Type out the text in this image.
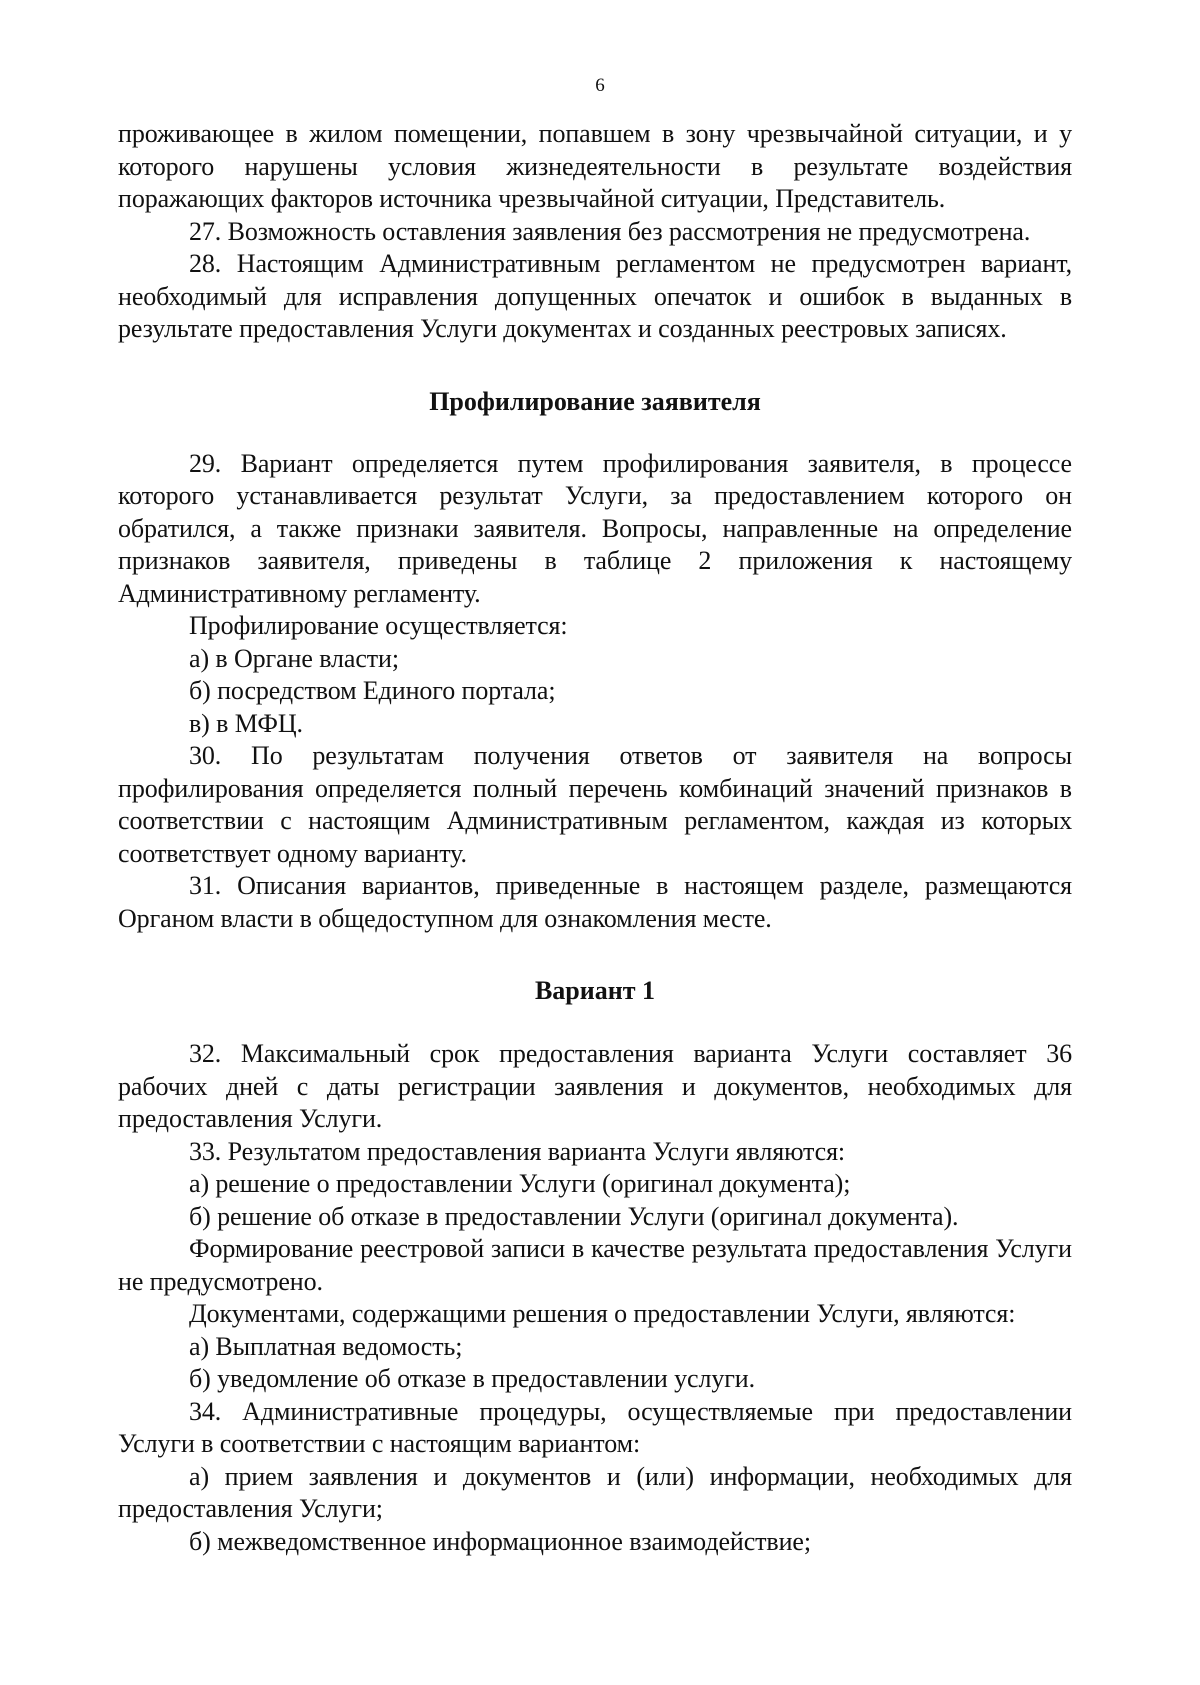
6

проживающее в жилом помещении, попавшем в зону чрезвычайной ситуации, и у которого нарушены условия жизнедеятельности в результате воздействия поражающих факторов источника чрезвычайной ситуации, Представитель.

27. Возможность оставления заявления без рассмотрения не предусмотрена.

28. Настоящим Административным регламентом не предусмотрен вариант, необходимый для исправления допущенных опечаток и ошибок в выданных в результате предоставления Услуги документах и созданных реестровых записях.

Профилирование заявителя

29. Вариант определяется путем профилирования заявителя, в процессе которого устанавливается результат Услуги, за предоставлением которого он обратился, а также признаки заявителя. Вопросы, направленные на определение признаков заявителя, приведены в таблице 2 приложения к настоящему Административному регламенту.

Профилирование осуществляется:

а) в Органе власти;

б) посредством Единого портала;

в) в МФЦ.

30. По результатам получения ответов от заявителя на вопросы профилирования определяется полный перечень комбинаций значений признаков в соответствии с настоящим Административным регламентом, каждая из которых соответствует одному варианту.

31. Описания вариантов, приведенные в настоящем разделе, размещаются Органом власти в общедоступном для ознакомления месте.

Вариант 1

32. Максимальный срок предоставления варианта Услуги составляет 36 рабочих дней с даты регистрации заявления и документов, необходимых для предоставления Услуги.

33. Результатом предоставления варианта Услуги являются:

а) решение о предоставлении Услуги (оригинал документа);

б) решение об отказе в предоставлении Услуги (оригинал документа).

Формирование реестровой записи в качестве результата предоставления Услуги не предусмотрено.

Документами, содержащими решения о предоставлении Услуги, являются:

а) Выплатная ведомость;

б) уведомление об отказе в предоставлении услуги.

34. Административные процедуры, осуществляемые при предоставлении Услуги в соответствии с настоящим вариантом:

а) прием заявления и документов и (или) информации, необходимых для предоставления Услуги;

б) межведомственное информационное взаимодействие;
